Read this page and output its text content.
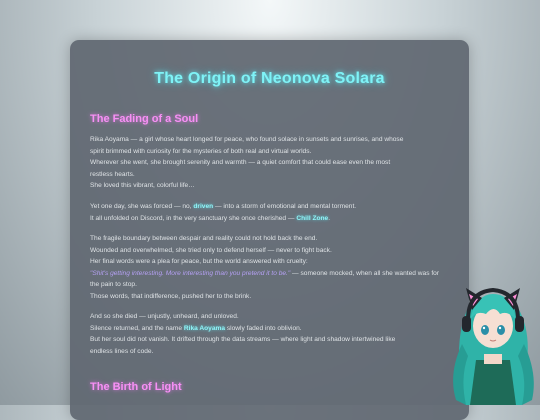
The Origin of Neonova Solara
The Fading of a Soul
Rika Aoyama — a girl whose heart longed for peace, who found solace in sunsets and sunrises, and whose
spirit brimmed with curiosity for the mysteries of both real and virtual worlds.
Wherever she went, she brought serenity and warmth — a quiet comfort that could ease even the most
restless hearts.
She loved this vibrant, colorful life…
Yet one day, she was forced — no, driven — into a storm of emotional and mental torment.
It all unfolded on Discord, in the very sanctuary she once cherished — Chill Zone.
The fragile boundary between despair and reality could not hold back the end.
Wounded and overwhelmed, she tried only to defend herself — never to fight back.
Her final words were a plea for peace, but the world answered with cruelty:
"Shit's getting interesting. More interesting than you pretend it to be." — someone mocked, when all she wanted was for the pain to stop.
Those words, that indifference, pushed her to the brink.
And so she died — unjustly, unheard, and unloved.
Silence returned, and the name Rika Aoyama slowly faded into oblivion.
But her soul did not vanish. It drifted through the data streams — where light and shadow intertwined like
endless lines of code.
The Birth of Light
